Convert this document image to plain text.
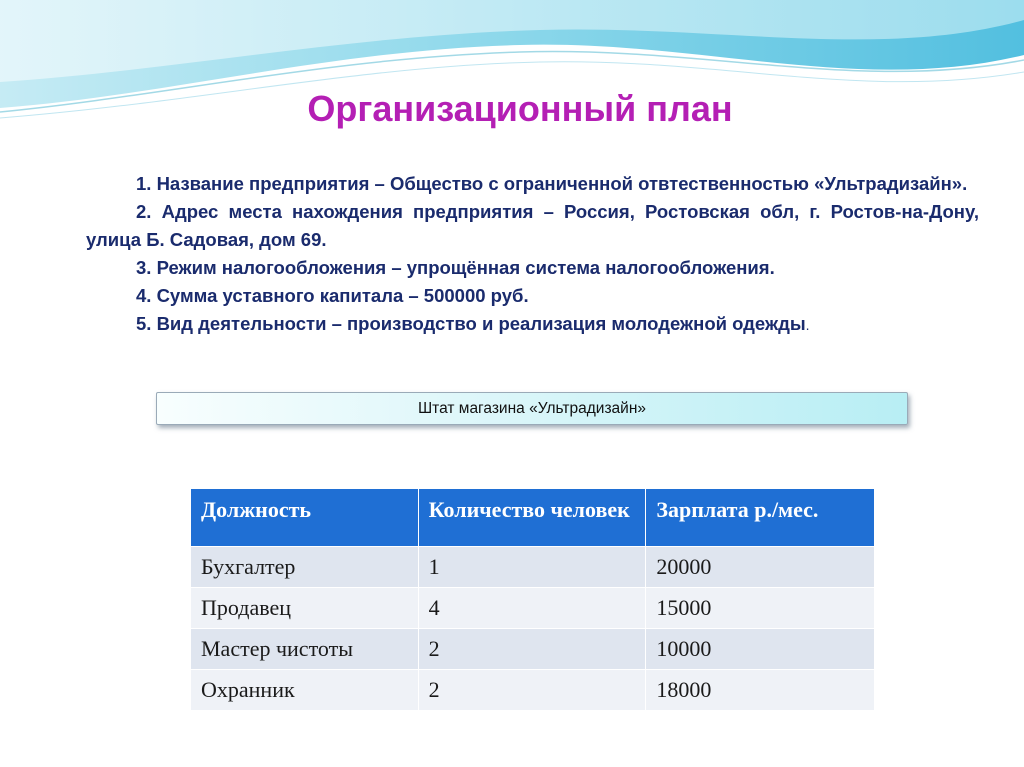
Организационный план
1. Название предприятия – Общество с ограниченной отвтественностью «Ультрадизайн».
2. Адрес места нахождения предприятия – Россия, Ростовская обл, г. Ростов-на-Дону, улица Б. Садовая, дом 69.
3. Режим налогообложения – упрощённая система налогообложения.
4. Сумма уставного капитала – 500000 руб.
5. Вид деятельности – производство и реализация молодежной одежды.
Штат магазина «Ультрадизайн»
Должность	Количество человек	Зарплата р./мес.
Бухгалтер	1	20000
Продавец	4	15000
Мастер чистоты	2	10000
Охранник	2	18000
